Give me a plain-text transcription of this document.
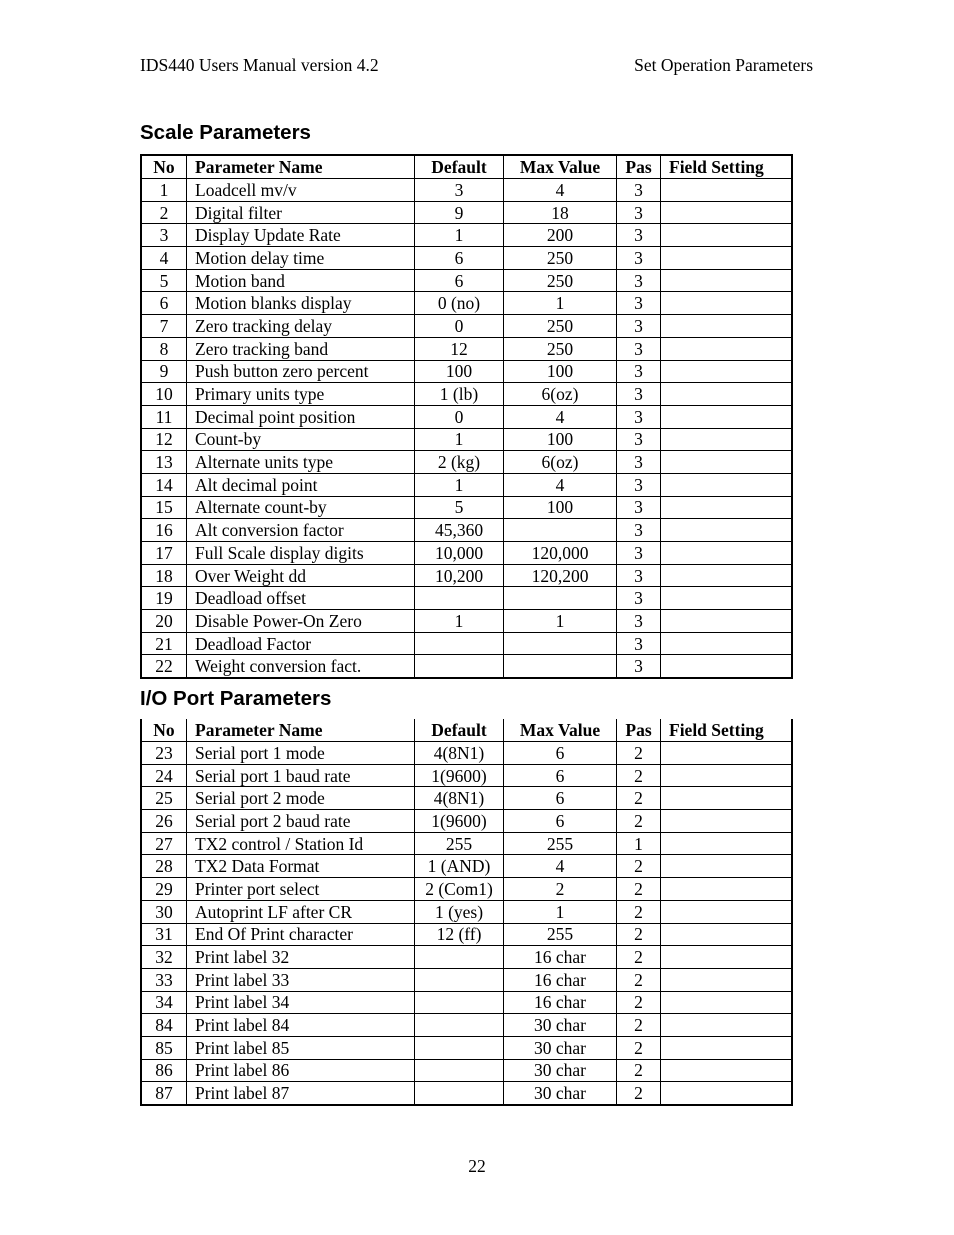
IDS440 Users Manual version 4.2	Set Operation Parameters
Scale Parameters
No	Parameter Name	Default	Max Value	Pas	Field Setting
1	Loadcell mv/v	3	4	3	
2	Digital filter	9	18	3	
3	Display Update Rate	1	200	3	
4	Motion delay time	6	250	3	
5	Motion band	6	250	3	
6	Motion blanks display	0 (no)	1	3	
7	Zero tracking delay	0	250	3	
8	Zero tracking band	12	250	3	
9	Push button zero percent	100	100	3	
10	Primary units type	1 (lb)	6(oz)	3	
11	Decimal point position	0	4	3	
12	Count-by	1	100	3	
13	Alternate units type	2 (kg)	6(oz)	3	
14	Alt decimal point	1	4	3	
15	Alternate count-by	5	100	3	
16	Alt conversion factor	45,360		3	
17	Full Scale display digits	10,000	120,000	3	
18	Over Weight dd	10,200	120,200	3	
19	Deadload offset			3	
20	Disable Power-On Zero	1	1	3	
21	Deadload Factor			3	
22	Weight conversion fact.			3	
I/O Port Parameters
No	Parameter Name	Default	Max Value	Pas	Field Setting
23	Serial port 1 mode	4(8N1)	6	2	
24	Serial port 1 baud rate	1(9600)	6	2	
25	Serial port 2 mode	4(8N1)	6	2	
26	Serial port 2 baud rate	1(9600)	6	2	
27	TX2 control / Station Id	255	255	1	
28	TX2 Data Format	1 (AND)	4	2	
29	Printer port select	2 (Com1)	2	2	
30	Autoprint LF after CR	1 (yes)	1	2	
31	End Of Print character	12 (ff)	255	2	
32	Print label 32		16 char	2	
33	Print label 33		16 char	2	
34	Print label 34		16 char	2	
84	Print label 84		30 char	2	
85	Print label 85		30 char	2	
86	Print label 86		30 char	2	
87	Print label 87		30 char	2	
22
